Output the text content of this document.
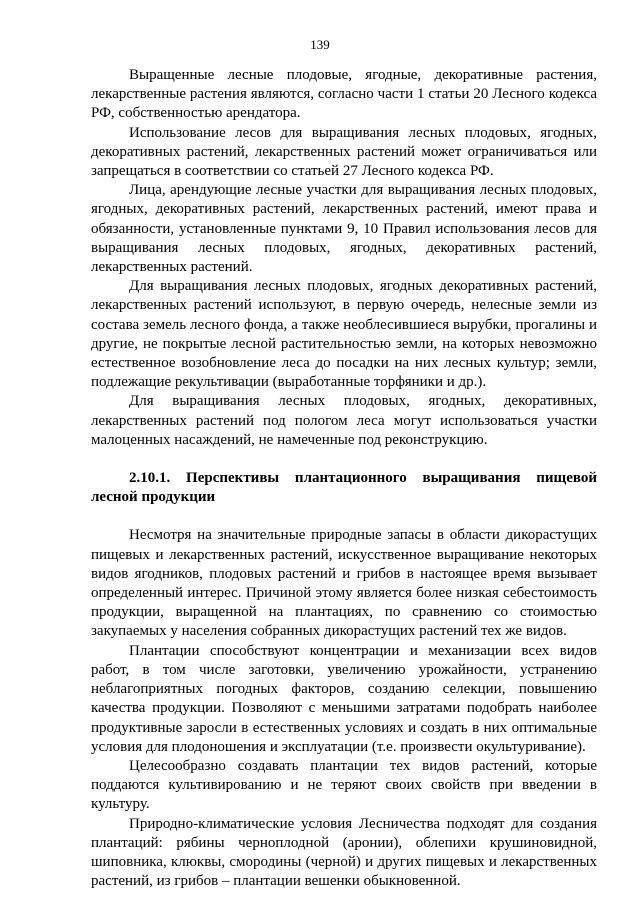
139

Выращенные лесные плодовые, ягодные, декоративные растения, лекарственные растения являются, согласно части 1 статьи 20 Лесного кодекса РФ, собственностью арендатора.

Использование лесов для выращивания лесных плодовых, ягодных, декоративных растений, лекарственных растений может ограничиваться или запрещаться в соответствии со статьей 27 Лесного кодекса РФ.

Лица, арендующие лесные участки для выращивания лесных плодовых, ягодных, декоративных растений, лекарственных растений, имеют права и обязанности, установленные пунктами 9, 10 Правил использования лесов для выращивания лесных плодовых, ягодных, декоративных растений, лекарственных растений.

Для выращивания лесных плодовых, ягодных декоративных растений, лекарственных растений используют, в первую очередь, нелесные земли из состава земель лесного фонда, а также необлесившиеся вырубки, прогалины и другие, не покрытые лесной растительностью земли, на которых невозможно естественное возобновление леса до посадки на них лесных культур; земли, подлежащие рекультивации (выработанные торфяники и др.).

Для выращивания лесных плодовых, ягодных, декоративных, лекарственных растений под пологом леса могут использоваться участки малоценных насаждений, не намеченные под реконструкцию.

2.10.1. Перспективы плантационного выращивания пищевой лесной продукции

Несмотря на значительные природные запасы в области дикорастущих пищевых и лекарственных растений, искусственное выращивание некоторых видов ягодников, плодовых растений и грибов в настоящее время вызывает определенный интерес. Причиной этому является более низкая себестоимость продукции, выращенной на плантациях, по сравнению со стоимостью закупаемых у населения собранных дикорастущих растений тех же видов.

Плантации способствуют концентрации и механизации всех видов работ, в том числе заготовки, увеличению урожайности, устранению неблагоприятных погодных факторов, созданию селекции, повышению качества продукции. Позволяют с меньшими затратами подобрать наиболее продуктивные заросли в естественных условиях и создать в них оптимальные условия для плодоношения и эксплуатации (т.е. произвести окультуривание).

Целесообразно создавать плантации тех видов растений, которые поддаются культивированию и не теряют своих свойств при введении в культуру.

Природно-климатические условия Лесничества подходят для создания плантаций: рябины черноплодной (аронии), облепихи крушиновидной, шиповника, клюквы, смородины (черной) и других пищевых и лекарственных растений, из грибов – плантации вешенки обыкновенной.
